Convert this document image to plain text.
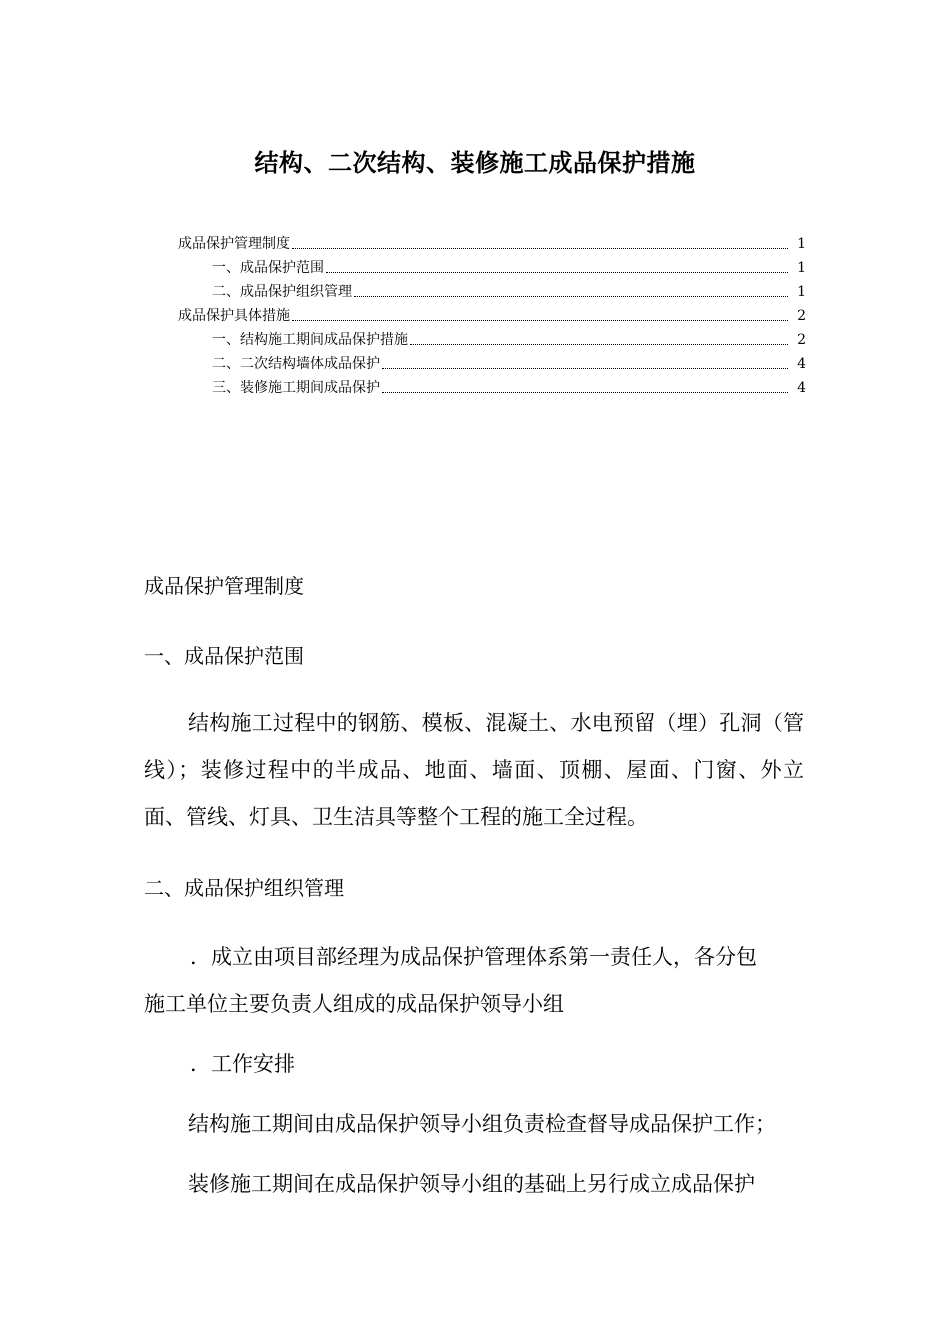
结构、二次结构、装修施工成品保护措施
成品保护管理制度	1
一、成品保护范围	1
二、成品保护组织管理	1
成品保护具体措施	2
一、结构施工期间成品保护措施	2
二、二次结构墙体成品保护	4
三、装修施工期间成品保护	4
成品保护管理制度
一、成品保护范围
结构施工过程中的钢筋、模板、混凝土、水电预留（埋）孔洞（管线）；装修过程中的半成品、地面、墙面、顶棚、屋面、门窗、外立面、管线、灯具、卫生洁具等整个工程的施工全过程。
二、成品保护组织管理
．成立由项目部经理为成品保护管理体系第一责任人，各分包
施工单位主要负责人组成的成品保护领导小组
．工作安排
结构施工期间由成品保护领导小组负责检查督导成品保护工作；
装修施工期间在成品保护领导小组的基础上另行成立成品保护
